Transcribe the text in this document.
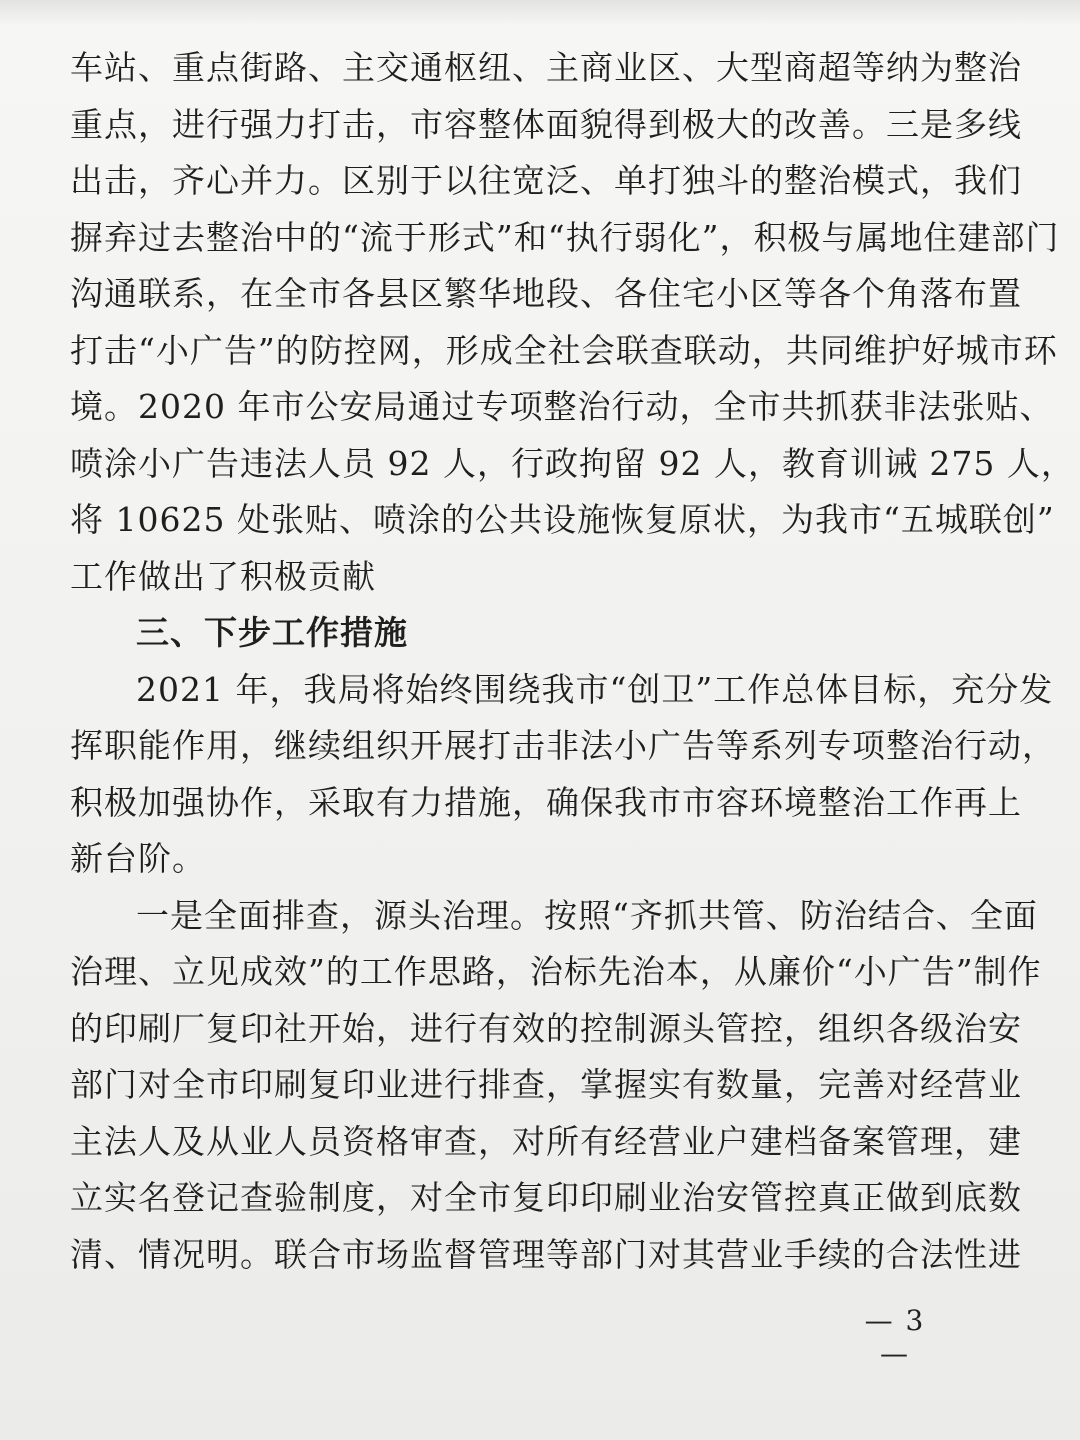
车站、重点街路、主交通枢纽、主商业区、大型商超等纳为整治
重点，进行强力打击，市容整体面貌得到极大的改善。三是多线
出击，齐心并力。区别于以往宽泛、单打独斗的整治模式，我们
摒弃过去整治中的“流于形式”和“执行弱化”，积极与属地住建部门
沟通联系，在全市各县区繁华地段、各住宅小区等各个角落布置
打击“小广告”的防控网，形成全社会联查联动，共同维护好城市环
境。2020 年市公安局通过专项整治行动，全市共抓获非法张贴、
喷涂小广告违法人员 92 人，行政拘留 92 人，教育训诫 275 人，
将 10625 处张贴、喷涂的公共设施恢复原状，为我市“五城联创”
工作做出了积极贡献
三、下步工作措施
2021 年，我局将始终围绕我市“创卫”工作总体目标，充分发
挥职能作用，继续组织开展打击非法小广告等系列专项整治行动，
积极加强协作，采取有力措施，确保我市市容环境整治工作再上
新台阶。
一是全面排查，源头治理。按照“齐抓共管、防治结合、全面
治理、立见成效”的工作思路，治标先治本，从廉价“小广告”制作
的印刷厂复印社开始，进行有效的控制源头管控，组织各级治安
部门对全市印刷复印业进行排查，掌握实有数量，完善对经营业
主法人及从业人员资格审查，对所有经营业户建档备案管理，建
立实名登记查验制度，对全市复印印刷业治安管控真正做到底数
清、情况明。联合市场监督管理等部门对其营业手续的合法性进
— 3 —
